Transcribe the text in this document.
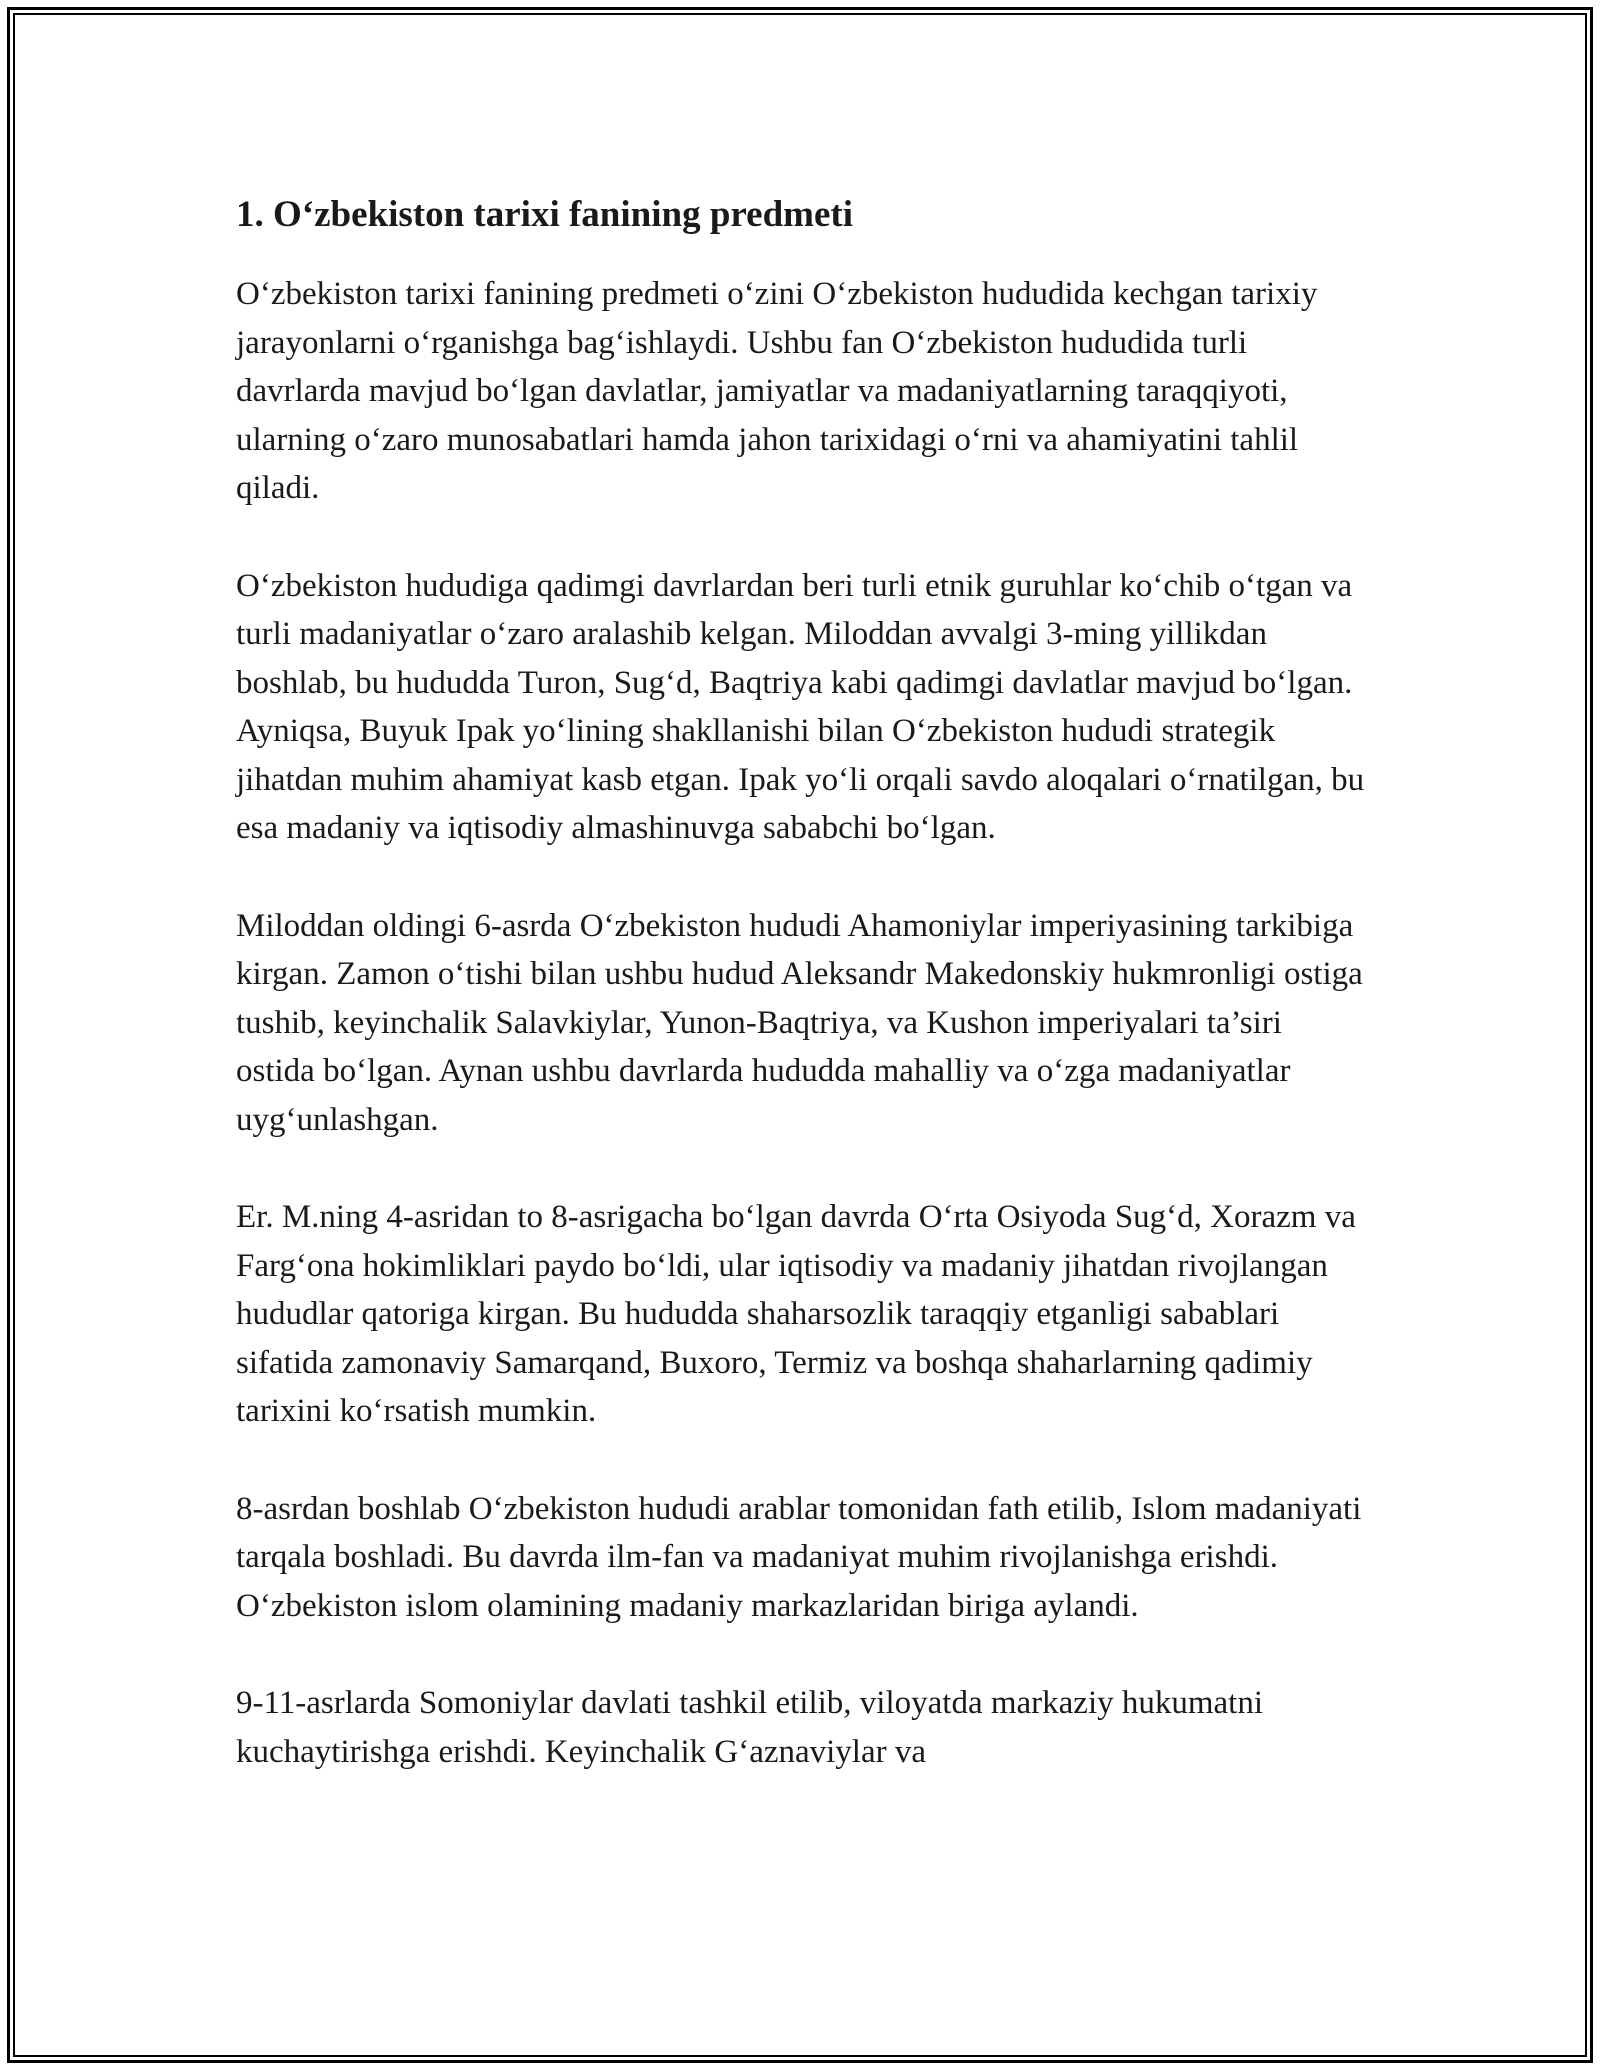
1. O‘zbekiston tarixi fanining predmeti

O‘zbekiston tarixi fanining predmeti o‘zini O‘zbekiston hududida kechgan tarixiy jarayonlarni o‘rganishga bag‘ishlaydi. Ushbu fan O‘zbekiston hududida turli davrlarda mavjud bo‘lgan davlatlar, jamiyatlar va madaniyatlarning taraqqiyoti, ularning o‘zaro munosabatlari hamda jahon tarixidagi o‘rni va ahamiyatini tahlil qiladi.

O‘zbekiston hududiga qadimgi davrlardan beri turli etnik guruhlar ko‘chib o‘tgan va turli madaniyatlar o‘zaro aralashib kelgan. Miloddan avvalgi 3-ming yillikdan boshlab, bu hududda Turon, Sug‘d, Baqtriya kabi qadimgi davlatlar mavjud bo‘lgan. Ayniqsa, Buyuk Ipak yo‘lining shakllanishi bilan O‘zbekiston hududi strategik jihatdan muhim ahamiyat kasb etgan. Ipak yo‘li orqali savdo aloqalari o‘rnatilgan, bu esa madaniy va iqtisodiy almashinuvga sababchi bo‘lgan.

Miloddan oldingi 6-asrda O‘zbekiston hududi Ahamoniylar imperiyasining tarkibiga kirgan. Zamon o‘tishi bilan ushbu hudud Aleksandr Makedonskiy hukmronligi ostiga tushib, keyinchalik Salavkiylar, Yunon-Baqtriya, va Kushon imperiyalari ta’siri ostida bo‘lgan. Aynan ushbu davrlarda hududda mahalliy va o‘zga madaniyatlar uyg‘unlashgan.

Er. M.ning 4-asridan to 8-asrigacha bo‘lgan davrda O‘rta Osiyoda Sug‘d, Xorazm va Farg‘ona hokimliklari paydo bo‘ldi, ular iqtisodiy va madaniy jihatdan rivojlangan hududlar qatoriga kirgan. Bu hududda shaharsozlik taraqqiy etganligi sabablari sifatida zamonaviy Samarqand, Buxoro, Termiz va boshqa shaharlarning qadimiy tarixini ko‘rsatish mumkin.

8-asrdan boshlab O‘zbekiston hududi arablar tomonidan fath etilib, Islom madaniyati tarqala boshladi. Bu davrda ilm-fan va madaniyat muhim rivojlanishga erishdi. O‘zbekiston islom olamining madaniy markazlaridan biriga aylandi.

9-11-asrlarda Somoniylar davlati tashkil etilib, viloyatda markaziy hukumatni kuchaytirishga erishdi. Keyinchalik G‘aznaviylar va
